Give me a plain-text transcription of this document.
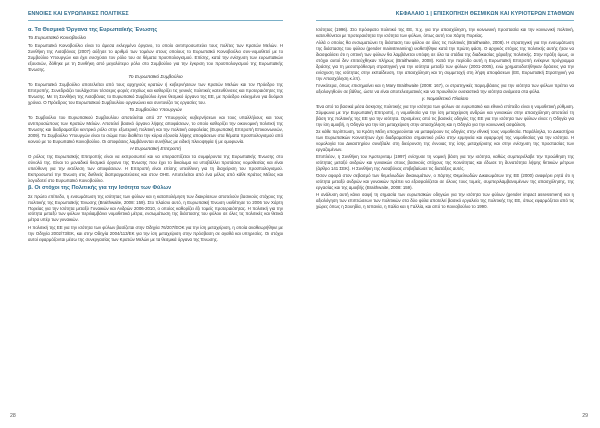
ΕΝΝΟΙΕΣ ΚΑΙ ΕΥΡΩΠΑΪΚΕΣ ΠΟΛΙΤΙΚΕΣ
α. Τα Θεσμικά Όργανα της Ευρωπαϊκής Ένωσης
Το Ευρωπαϊκό Κοινοβούλιο

Το Ευρωπαϊκό Κοινοβούλιο είναι το άμεσα εκλεγμένο όργανο, το οποίο αντιπροσωπεύει τους πολίτες των Κρατών Μελών. Η Συνθήκη της Λισαβόνας (2007) αύξησε το αριθμό των τομέων στους οποίους το Ευρωπαϊκό Κοινοβούλιο συν-νομοθετεί με το Συμβούλιο Υπουργών και έχει ενισχύσει τον ρόλο του σε θέματα προϋπολογισμού. Επίσης, κατά την ενίσχυση των ευρωπαϊκών εξουσιών, δόθηκε με τη Συνθήκη από μεγαλύτερο ρόλο στο Συμβούλιο για την έγκριση του προϋπολογισμού της Ευρωπαϊκής Ένωσης.

Το Ευρωπαϊκό Συμβούλιο

Το Ευρωπαϊκό Συμβούλιο αποτελείται από τους αρχηγούς κρατών ή κυβερνήσεων των Κρατών Μελών και τον Πρόεδρο της Επιτροπής. Συνεδριάζει τουλάχιστον τέσσερις φορές ετησίως και καθορίζει τις γενικές πολιτικές κατευθύνσεις και προτεραιότητες της Ένωσης. Με τη Συνθήκη της Λισαβόνας το Ευρωπαϊκό Συμβούλιο έγινε θεσμικό όργανο της ΕΕ, με πρόεδρο εκλεγμένο για δυόμισι χρόνια. Ο Πρόεδρος του Ευρωπαϊκού Συμβουλίου οργανώνει και συντονίζει τις εργασίες του.

Το Συμβούλιο Υπουργών

Το Συμβούλιο του Ευρωπαϊκού Συμβουλίου αποτελείται από 27 Υπουργούς κυβερνήσεων και τους υπαλλήλους και τους αντιπροσώπους των Κρατών Μελών. Αποτελεί βασικό όργανο λήψης αποφάσεων, το οποίο καθορίζει την οικονομική πολιτική της Ένωσης και διαδραματίζει κεντρικό ρόλο στην εξωτερική πολιτική και την πολιτική ασφαλείας (Ευρωπαϊκή Επιτροπή Επικοινωνιών, 2009). Το Συμβούλιο Υπουργών είναι το σώμα που διαθέτει την κύρια εξουσία λήψης αποφάσεων στα θέματα προϋπολογισμού από κοινού με το Ευρωπαϊκό Κοινοβούλιο. Οι αποφάσεις λαμβάνονται συνήθως με ειδική πλειοψηφία ή με ομοφωνία.

Η Ευρωπαϊκή Επιτροπή

Ο ρόλος της Ευρωπαϊκής Επιτροπής είναι να εκπροσωπεί και να υπερασπίζεται τα συμφέροντα της Ευρωπαϊκής Ένωσης στο σύνολό της. Είναι το μοναδικό θεσμικό όργανο της Ένωσης που έχει το δικαίωμα να υποβάλλει προτάσεις νομοθεσίας και είναι υπεύθυνη για την εκτέλεση των αποφάσεων. Η Επιτροπή είναι επίσης υπεύθυνη για τη διαχείριση του προϋπολογισμού. Εκπροσωπεί την Ένωση στις διεθνείς διαπραγματεύσεις και στον ΟΗΕ. Αποτελείται από ένα μέλος από κάθε Κράτος Μέλος και λογοδοτεί στο Ευρωπαϊκό Κοινοβούλιο.

β. Οι στόχοι της Πολιτικής για την Ισότητα των Φύλων

Σε πρώτο επίπεδο, η ενσωμάτωση της ισότητας των φύλων και η καταπολέμηση των διακρίσεων αποτελούν βασικούς στόχους της πολιτικής της Ευρωπαϊκής Ένωσης (Braithwaite, 2008: 159). Στο πλαίσιο αυτό, η Ευρωπαϊκή Ένωση υιοθέτησε το 2006 τον Χάρτη Πορείας για την Ισότητα μεταξύ Γυναικών και Ανδρών 2006-2010, ο οποίος καθορίζει έξι τομείς προτεραιότητας. Η πολιτική για την ισότητα μεταξύ των φύλων περιλαμβάνει νομοθετικά μέτρα, ενσωμάτωση της διάστασης του φύλου σε όλες τις πολιτικές και θετικά μέτρα υπέρ των γυναικών.

Η πολιτική της ΕΕ για την ισότητα των φύλων βασίζεται στην Οδηγία 76/207/ΕΟΚ για την ίση μεταχείριση, η οποία αναθεωρήθηκε με την Οδηγία 2002/73/ΕΚ, και στην Οδηγία 2004/113/ΕΚ για την ίση μεταχείριση στην πρόσβαση σε αγαθά και υπηρεσίες. Οι στόχοι αυτοί εφαρμόζονται μέσω της συνεργασίας των Κρατών Μελών με τα θεσμικά όργανα της Ένωσης.

28
ΚΕΦΑΛΑΙΟ 1 | ΕΠΙΣΚΟΠΗΣΗ ΘΕΣΜΙΚΩΝ ΚΑΙ ΚΥΡΙΟΤΕΡΩΝ ΣΤΑΘΜΩΝ

Ισότητας (1996). Στο πρόσφατο πολιτικό της ΕΕ, π.χ. για την απασχόληση, την κοινωνική προστασία και την κοινωνική πολιτική, κατευθύνεται με προτεραιότητα την ισότητα των φύλων, όπως αυτή του Χάρτη Πορείας.

Αλλά ο οποίος θα ενσωματώνει τη διάσταση του φύλου σε όλες τις πολιτικές (Braithwaite, 2008). Η στρατηγική για την ενσωμάτωση της διάστασης του φύλου (gender mainstreaming) υιοθετήθηκε κατά την πρώτη φάση. Ο αρχικός στόχος της πολιτικής αυτής ήταν να διασφαλίσει ότι η οπτική των φύλων θα λαμβάνεται υπόψη σε όλα τα στάδια της διαδικασίας χάραξης πολιτικής. Στην πράξη όμως, οι στόχοι αυτοί δεν επιτεύχθηκαν πλήρως (Braithwaite, 2008). Κατά την περίοδο αυτή η Ευρωπαϊκή Επιτροπή ενέκρινε πρόγραμμα δράσης για τη μεσοπρόθεσμη στρατηγική για την ισότητα μεταξύ των φύλων (2001-2005), ενώ χρηματοδοτήθηκαν δράσεις για την ενίσχυση της ισότητας στην εκπαίδευση, την απασχόληση και τη συμμετοχή στη λήψη αποφάσεων (ΕΕ, Ευρωπαϊκή Στρατηγική για την Απασχόληση κ.λπ).

Γενικότερα, όπως επισημαίνει και η Mary Braithwaite (2008: 167), οι στρατηγικές παρεμβάσεις για την ισότητα των φύλων πρέπει να αξιολογηθούν σε βάθος, ώστε να είναι αποτελεσματικές και να προωθούν ουσιαστικά την ισότητα ανάμεσα στα φύλα.

γ. Νομοθετικό Πλαίσιο

Ένα από τα βασικά μέσα άσκησης πολιτικής για την ισότητα των φύλων σε ευρωπαϊκό και εθνικό επίπεδο είναι η νομοθετική ρύθμιση. Σύμφωνα με την Ευρωπαϊκή Επιτροπή, η νομοθεσία για την ίση μεταχείριση ανδρών και γυναικών στην απασχόληση αποτελεί τη βάση της πολιτικής της ΕΕ για την ισότητα. Ορισμένες από τις βασικές οδηγίες της ΕΕ για την ισότητα των φύλων είναι: η Οδηγία για την ίση αμοιβή, η Οδηγία για την ίση μεταχείριση στην απασχόληση και η Οδηγία για την κοινωνική ασφάλιση.

Σε κάθε περίπτωση, τα Κράτη Μέλη υποχρεούνται να μεταφέρουν τις οδηγίες στην εθνική τους νομοθεσία. Παράλληλα, το Δικαστήριο των Ευρωπαϊκών Κοινοτήτων έχει διαδραματίσει σημαντικό ρόλο στην ερμηνεία και εφαρμογή της νομοθεσίας για την ισότητα. Η νομολογία του Δικαστηρίου συνέβαλε στη διεύρυνση της έννοιας της ίσης μεταχείρισης και στην ενίσχυση της προστασίας των εργαζομένων.

Επιπλέον, η Συνθήκη του Άμστερνταμ (1997) ενίσχυσε τη νομική βάση για την ισότητα, καθώς συμπεριέλαβε την προώθηση της ισότητας μεταξύ ανδρών και γυναικών στους βασικούς στόχους της Κοινότητας και έδωσε τη δυνατότητα λήψης θετικών μέτρων (άρθρο 141 ΣΕΚ). Η Συνθήκη της Λισαβόνας επιβεβαίωσε τις διατάξεις αυτές.

Όσον αφορά στον σεβασμό των θεμελιωδών δικαιωμάτων, ο Χάρτης Θεμελιωδών Δικαιωμάτων της ΕΕ (2000) αναφέρει ρητά ότι η ισότητα μεταξύ ανδρών και γυναικών πρέπει να εξασφαλίζεται σε όλους τους τομείς, συμπεριλαμβανομένων της απασχόλησης, της εργασίας και της αμοιβής (Braithwaite, 2008: 159).

Η ανάλυση αυτή κάνει σαφή τη σημασία των ευρωπαϊκών οδηγιών για την ισότητα των φύλων (gender impact assessment) και η αξιολόγηση των επιπτώσεων των πολιτικών στα δύο φύλα αποτελεί βασικό εργαλείο της πολιτικής της ΕΕ, όπως εφαρμόζεται από τις χώρες όπως η Σουηδία, η Ισπανία, η Ιταλία και η Γαλλία, και από το Κοινοβούλιο το 1990.

29
